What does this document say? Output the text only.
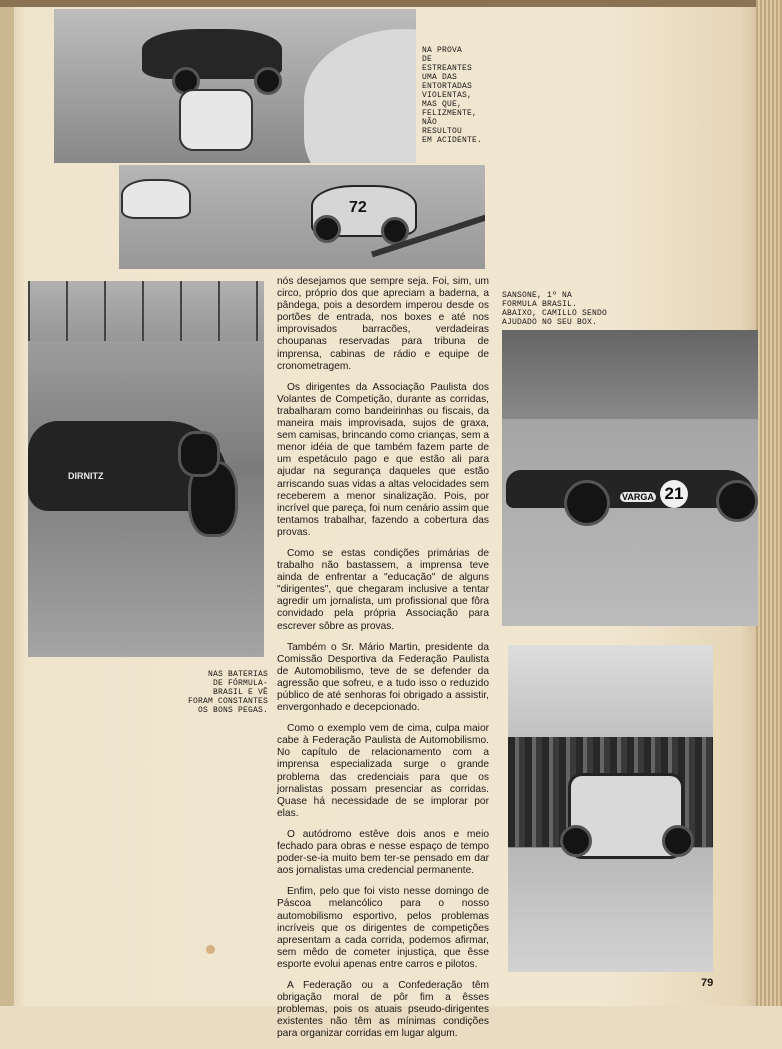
NA PROVA
DE
ESTREANTES
UMA DAS
ENTORTADAS
VIOLENTAS,
MAS QUE,
FELIZMENTE,
NÃO
RESULTOU
EM ACIDENTE.
72
DIRNITZ
NAS BATERIAS
DE FÓRMULA-
BRASIL E VÊ
FORAM CONSTANTES
OS BONS PEGAS.
SANSONE, 1º NA
FORMULA BRASIL.
ABAIXO, CAMILLO SENDO
AJUDADO NO SEU BOX.
VARGA 21

nós desejamos que sempre seja. Foi, sim, um circo, próprio dos que apreciam a baderna, a pândega, pois a desordem imperou desde os portões de entrada, nos boxes e até nos improvisados barracões, verdadeiras choupanas reservadas para tribuna de imprensa, cabinas de rádio e equipe de cronometragem.

Os dirigentes da Associação Paulista dos Volantes de Competição, durante as corridas, trabalharam como bandeirinhas ou fiscais, da maneira mais improvisada, sujos de graxa, sem camisas, brincando como crianças, sem a menor idéia de que também fazem parte de um espetáculo pago e que estão ali para ajudar na segurança daqueles que estão arriscando suas vidas a altas velocidades sem receberem a menor sinalização. Pois, por incrível que pareça, foi num cenário assim que tentamos trabalhar, fazendo a cobertura das provas.

Como se estas condições primárias de trabalho não bastassem, a imprensa teve ainda de enfrentar a "educação" de alguns "dirigentes", que chegaram inclusive a tentar agredir um jornalista, um profissional que fôra convidado pela própria Associação para escrever sôbre as provas.

Também o Sr. Mário Martin, presidente da Comissão Desportiva da Federação Paulista de Automobilismo, teve de se defender da agressão que sofreu, e a tudo isso o reduzido público de até senhoras foi obrigado a assistir, envergonhado e decepcionado.

Como o exemplo vem de cima, culpa maior cabe à Federação Paulista de Automobilismo. No capítulo de relacionamento com a imprensa especializada surge o grande problema das credenciais para que os jornalistas possam presenciar as corridas. Quase há necessidade de se implorar por elas.

O autódromo estêve dois anos e meio fechado para obras e nesse espaço de tempo poder-se-ia muito bem ter-se pensado em dar aos jornalistas uma credencial permanente.

Enfim, pelo que foi visto nesse domingo de Páscoa melancólico para o nosso automobilismo esportivo, pelos problemas incríveis que os dirigentes de competições apresentam a cada corrida, podemos afirmar, sem mêdo de cometer injustiça, que êsse esporte evolui apenas entre carros e pilotos.

A Federação ou a Confederação têm obrigação moral de pôr fim a êsses problemas, pois os atuais pseudo-dirigentes existentes não têm as mínimas condições para organizar corridas em lugar algum.

79
